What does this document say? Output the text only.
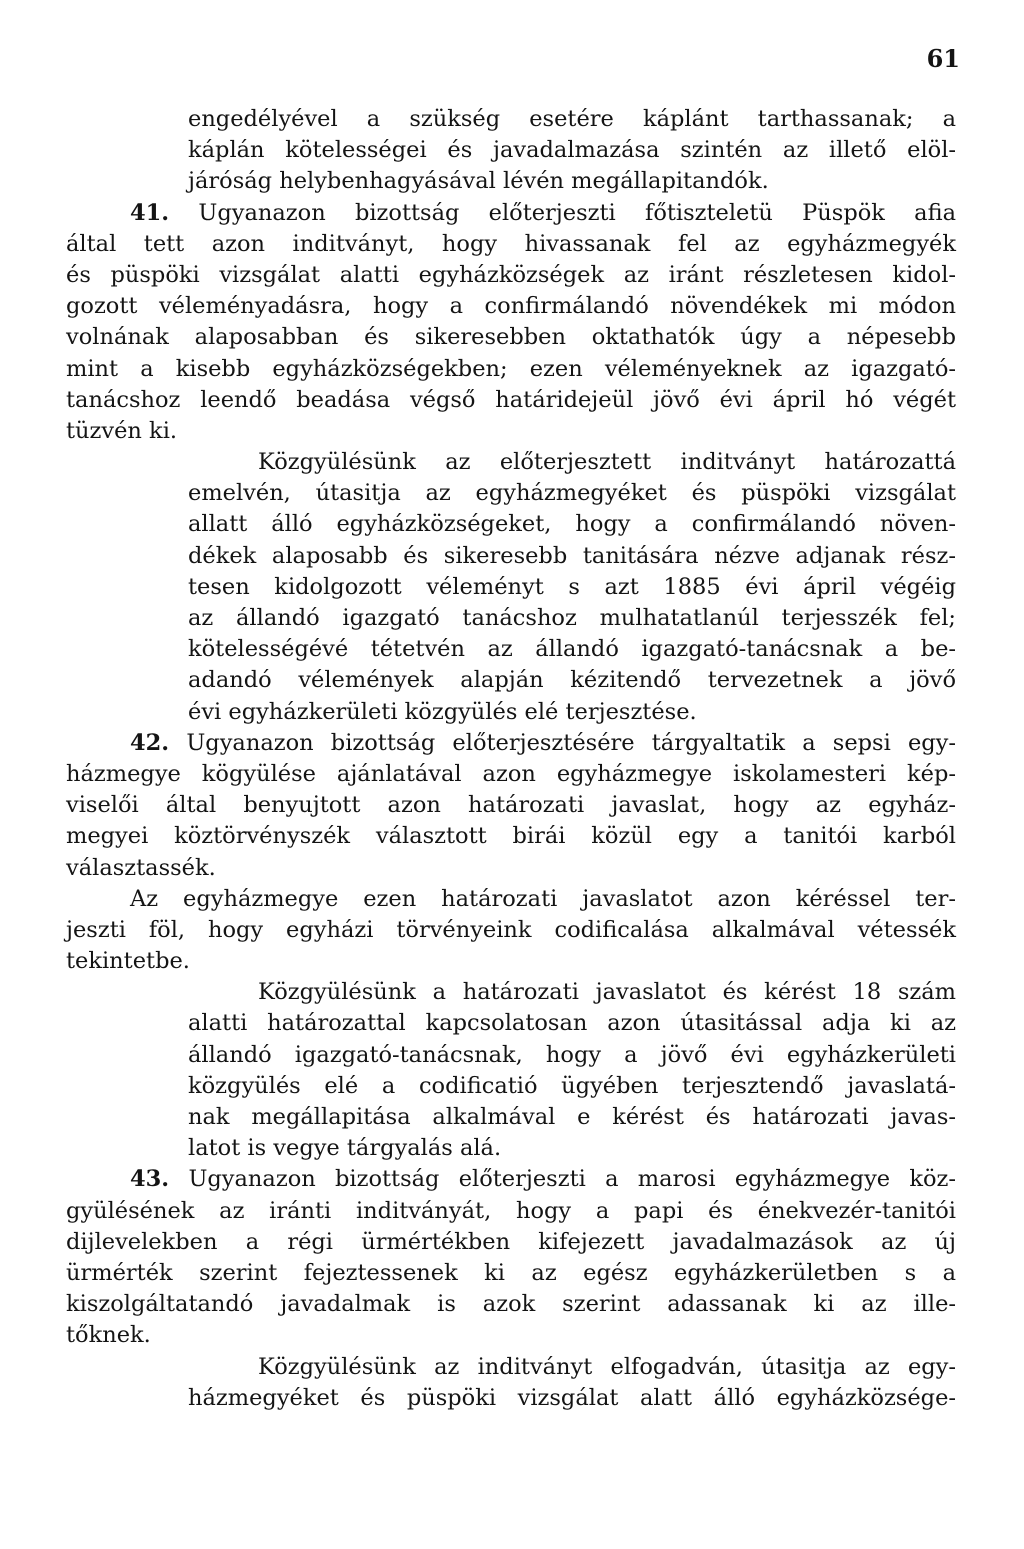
61
engedélyével a szükség esetére káplánt tarthassanak; a
káplán kötelességei és javadalmazása szintén az illető elöl-
járóság helybenhagyásával lévén megállapitandók.
41. Ugyanazon bizottság előterjeszti főtiszteletü Püspök afia
által tett azon inditványt, hogy hivassanak fel az egyházmegyék
és püspöki vizsgálat alatti egyházközségek az iránt részletesen kidol-
gozott véleményadásra, hogy a confirmálandó növendékek mi módon
volnának alaposabban és sikeresebben oktathatók úgy a népesebb
mint a kisebb egyházközségekben; ezen véleményeknek az igazgató-
tanácshoz leendő beadása végső határidejeül jövő évi ápril hó végét
tüzvén ki.
Közgyülésünk az előterjesztett inditványt határozattá
emelvén, útasitja az egyházmegyéket és püspöki vizsgálat
allatt álló egyházközségeket, hogy a confirmálandó növen-
dékek alaposabb és sikeresebb tanitására nézve adjanak rész-
tesen kidolgozott véleményt s azt 1885 évi ápril végéig
az állandó igazgató tanácshoz mulhatatlanúl terjesszék fel;
kötelességévé tétetvén az állandó igazgató-tanácsnak a be-
adandó vélemények alapján kézitendő tervezetnek a jövő
évi egyházkerületi közgyülés elé terjesztése.
42. Ugyanazon bizottság előterjesztésére tárgyaltatik a sepsi egy-
házmegye kögyülése ajánlatával azon egyházmegye iskolamesteri kép-
viselői által benyujtott azon határozati javaslat, hogy az egyház-
megyei köztörvényszék választott birái közül egy a tanitói karból
választassék.
Az egyházmegye ezen határozati javaslatot azon kéréssel ter-
jeszti föl, hogy egyházi törvényeink codificalása alkalmával vétessék
tekintetbe.
Közgyülésünk a határozati javaslatot és kérést 18 szám
alatti határozattal kapcsolatosan azon útasitással adja ki az
állandó igazgató-tanácsnak, hogy a jövő évi egyházkerületi
közgyülés elé a codificatió ügyében terjesztendő javaslatá-
nak megállapitása alkalmával e kérést és határozati javas-
latot is vegye tárgyalás alá.
43. Ugyanazon bizottság előterjeszti a marosi egyházmegye köz-
gyülésének az iránti inditványát, hogy a papi és énekvezér-tanitói
dijlevelekben a régi ürmértékben kifejezett javadalmazások az új
ürmérték szerint fejeztessenek ki az egész egyházkerületben s a
kiszolgáltatandó javadalmak is azok szerint adassanak ki az ille-
tőknek.
Közgyülésünk az inditványt elfogadván, útasitja az egy-
házmegyéket és püspöki vizsgálat alatt álló egyházközsége-
